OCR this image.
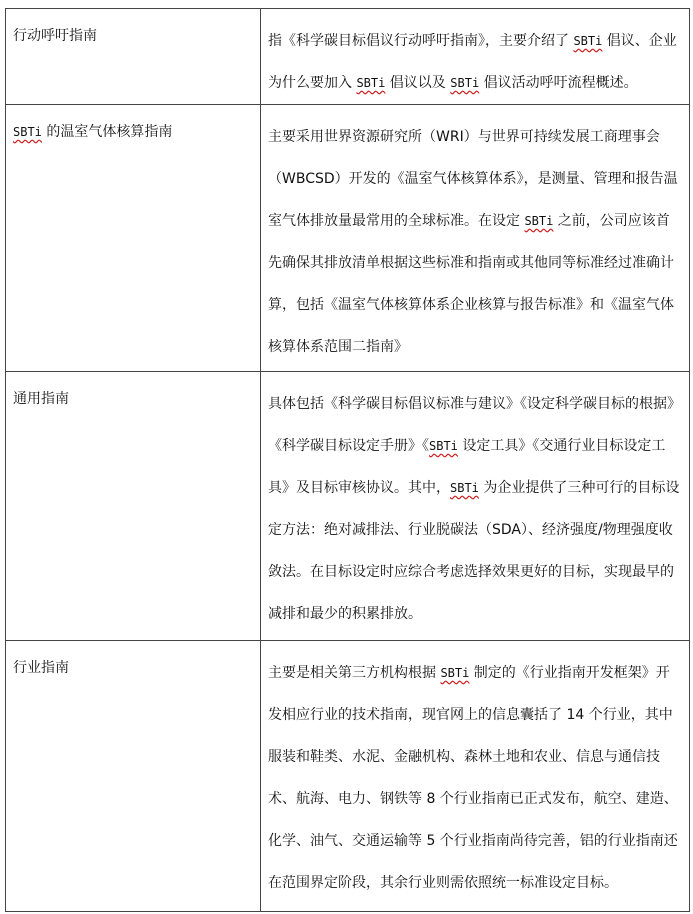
行动呼吁指南	指《科学碳目标倡议行动呼吁指南》，主要介绍了 SBTi 倡议、企业为什么要加入 SBTi 倡议以及 SBTi 倡议活动呼吁流程概述。

SBTi 的温室气体核算指南	主要采用世界资源研究所（WRI）与世界可持续发展工商理事会（WBCSD）开发的《温室气体核算体系》，是测量、管理和报告温室气体排放量最常用的全球标准。在设定 SBTi 之前，公司应该首先确保其排放清单根据这些标准和指南或其他同等标准经过准确计算，包括《温室气体核算体系企业核算与报告标准》和《温室气体核算体系范围二指南》

通用指南	具体包括《科学碳目标倡议标准与建议》《设定科学碳目标的根据》《科学碳目标设定手册》《SBTi 设定工具》《交通行业目标设定工具》及目标审核协议。其中，SBTi 为企业提供了三种可行的目标设定方法：绝对减排法、行业脱碳法（SDA）、经济强度/物理强度收敛法。在目标设定时应综合考虑选择效果更好的目标，实现最早的减排和最少的积累排放。

行业指南	主要是相关第三方机构根据 SBTi 制定的《行业指南开发框架》开发相应行业的技术指南，现官网上的信息囊括了 14 个行业，其中服装和鞋类、水泥、金融机构、森林土地和农业、信息与通信技术、航海、电力、钢铁等 8 个行业指南已正式发布，航空、建造、化学、油气、交通运输等 5 个行业指南尚待完善，铝的行业指南还在范围界定阶段，其余行业则需依照统一标准设定目标。
